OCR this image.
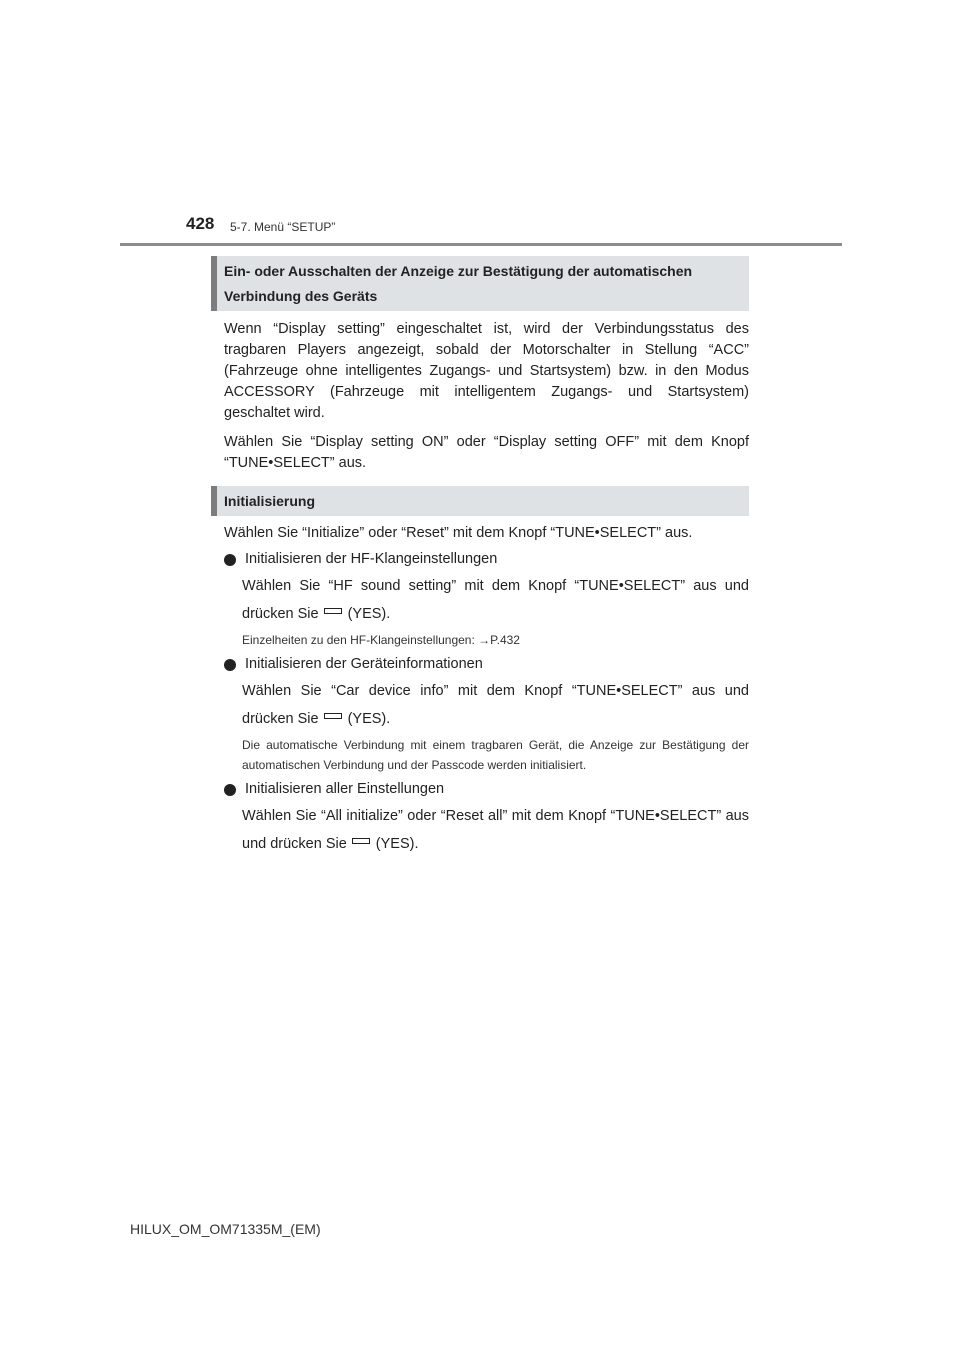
428 5-7. Menü “SETUP”
Ein- oder Ausschalten der Anzeige zur Bestätigung der automatischen Verbindung des Geräts

Wenn “Display setting” eingeschaltet ist, wird der Verbindungsstatus des tragbaren Players angezeigt, sobald der Motorschalter in Stellung “ACC” (Fahrzeuge ohne intelligentes Zugangs- und Startsystem) bzw. in den Modus ACCESSORY (Fahrzeuge mit intelligentem Zugangs- und Startsystem) geschaltet wird.

Wählen Sie “Display setting ON” oder “Display setting OFF” mit dem Knopf “TUNE•SELECT” aus.

Initialisierung

Wählen Sie “Initialize” oder “Reset” mit dem Knopf “TUNE•SELECT” aus.

Initialisieren der HF-Klangeinstellungen

Wählen Sie “HF sound setting” mit dem Knopf “TUNE•SELECT” aus und drücken Sie (YES).

Einzelheiten zu den HF-Klangeinstellungen: →P.432

Initialisieren der Geräteinformationen

Wählen Sie “Car device info” mit dem Knopf “TUNE•SELECT” aus und drücken Sie (YES).

Die automatische Verbindung mit einem tragbaren Gerät, die Anzeige zur Bestätigung der automatischen Verbindung und der Passcode werden initialisiert.

Initialisieren aller Einstellungen

Wählen Sie “All initialize” oder “Reset all” mit dem Knopf “TUNE•SELECT” aus und drücken Sie (YES).

HILUX_OM_OM71335M_(EM)
